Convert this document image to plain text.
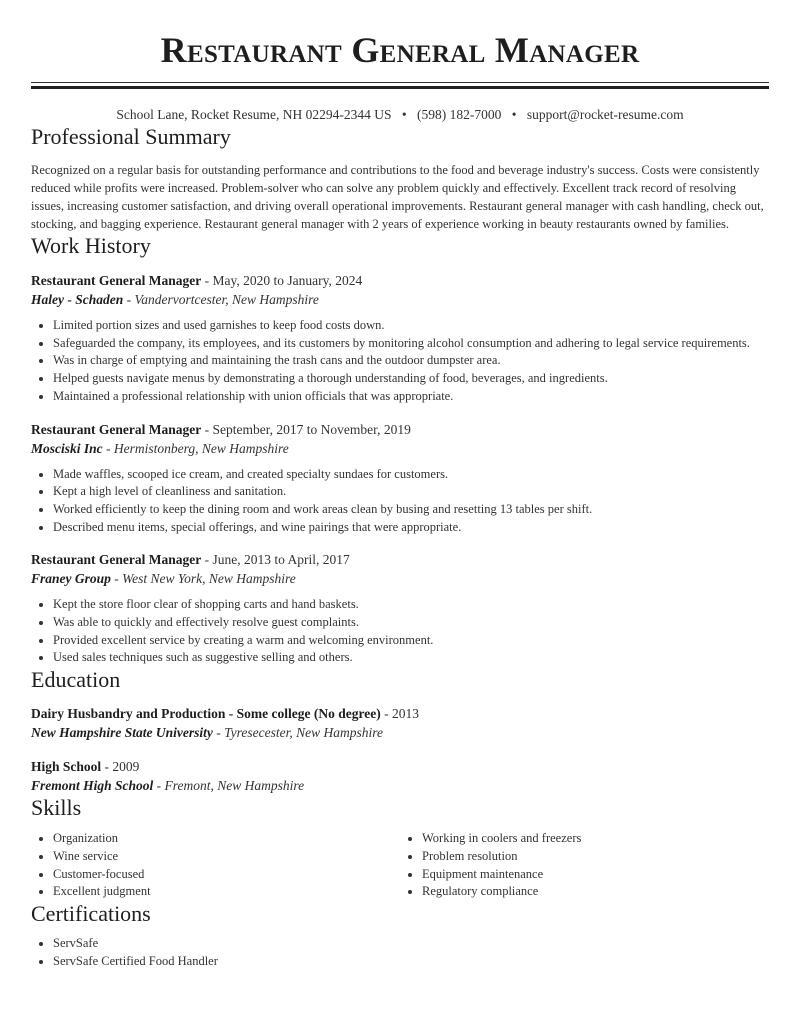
Restaurant General Manager
School Lane, Rocket Resume, NH 02294-2344 US • (598) 182-7000 • support@rocket-resume.com
Professional Summary

Recognized on a regular basis for outstanding performance and contributions to the food and beverage industry's success. Costs were consistently reduced while profits were increased. Problem-solver who can solve any problem quickly and effectively. Excellent track record of resolving issues, increasing customer satisfaction, and driving overall operational improvements. Restaurant general manager with cash handling, check out, stocking, and bagging experience. Restaurant general manager with 2 years of experience working in beauty restaurants owned by families.

Work History
Restaurant General Manager - May, 2020 to January, 2024
Haley - Schaden - Vandervortcester, New Hampshire
• Limited portion sizes and used garnishes to keep food costs down.
• Safeguarded the company, its employees, and its customers by monitoring alcohol consumption and adhering to legal service requirements.
• Was in charge of emptying and maintaining the trash cans and the outdoor dumpster area.
• Helped guests navigate menus by demonstrating a thorough understanding of food, beverages, and ingredients.
• Maintained a professional relationship with union officials that was appropriate.
Restaurant General Manager - September, 2017 to November, 2019
Mosciski Inc - Hermistonberg, New Hampshire
• Made waffles, scooped ice cream, and created specialty sundaes for customers.
• Kept a high level of cleanliness and sanitation.
• Worked efficiently to keep the dining room and work areas clean by busing and resetting 13 tables per shift.
• Described menu items, special offerings, and wine pairings that were appropriate.
Restaurant General Manager - June, 2013 to April, 2017
Franey Group - West New York, New Hampshire
• Kept the store floor clear of shopping carts and hand baskets.
• Was able to quickly and effectively resolve guest complaints.
• Provided excellent service by creating a warm and welcoming environment.
• Used sales techniques such as suggestive selling and others.
Education
Dairy Husbandry and Production - Some college (No degree) - 2013
New Hampshire State University - Tyresecester, New Hampshire
High School - 2009
Fremont High School - Fremont, New Hampshire
Skills
• Organization
• Wine service
• Customer-focused
• Excellent judgment
• Working in coolers and freezers
• Problem resolution
• Equipment maintenance
• Regulatory compliance
Certifications
• ServSafe
• ServSafe Certified Food Handler
